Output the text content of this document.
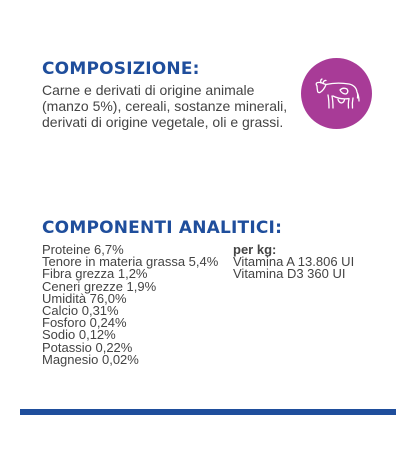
COMPOSIZIONE:
Carne e derivati di origine animale
(manzo 5%), cereali, sostanze minerali,
derivati di origine vegetale, oli e grassi.
COMPONENTI ANALITICI:
Proteine 6,7%
Tenore in materia grassa 5,4%
Fibra grezza 1,2%
Ceneri grezze 1,9%
Umidità 76,0%
Calcio 0,31%
Fosforo 0,24%
Sodio 0,12%
Potassio 0,22%
Magnesio 0,02%
per kg:
Vitamina A 13.806 UI
Vitamina D3 360 UI
